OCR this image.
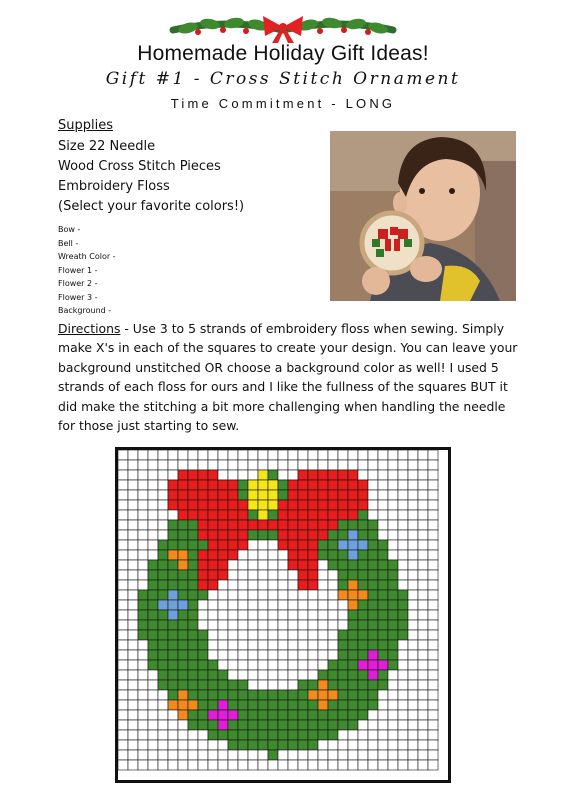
Homemade Holiday Gift Ideas!
Gift #1 - Cross Stitch Ornament
Time Commitment - LONG
Supplies
Size 22 Needle
Wood Cross Stitch Pieces
Embroidery Floss
(Select your favorite colors!)
Bow -
Bell -
Wreath Color -
Flower 1 -
Flower 2 -
Flower 3 -
Background -
Directions - Use 3 to 5 strands of embroidery floss when sewing. Simply make X's in each of the squares to create your design. You can leave your background unstitched OR choose a background color as well! I used 5 strands of each floss for ours and I like the fullness of the squares BUT it did make the stitching a bit more challenging when handling the needle for those just starting to sew.
